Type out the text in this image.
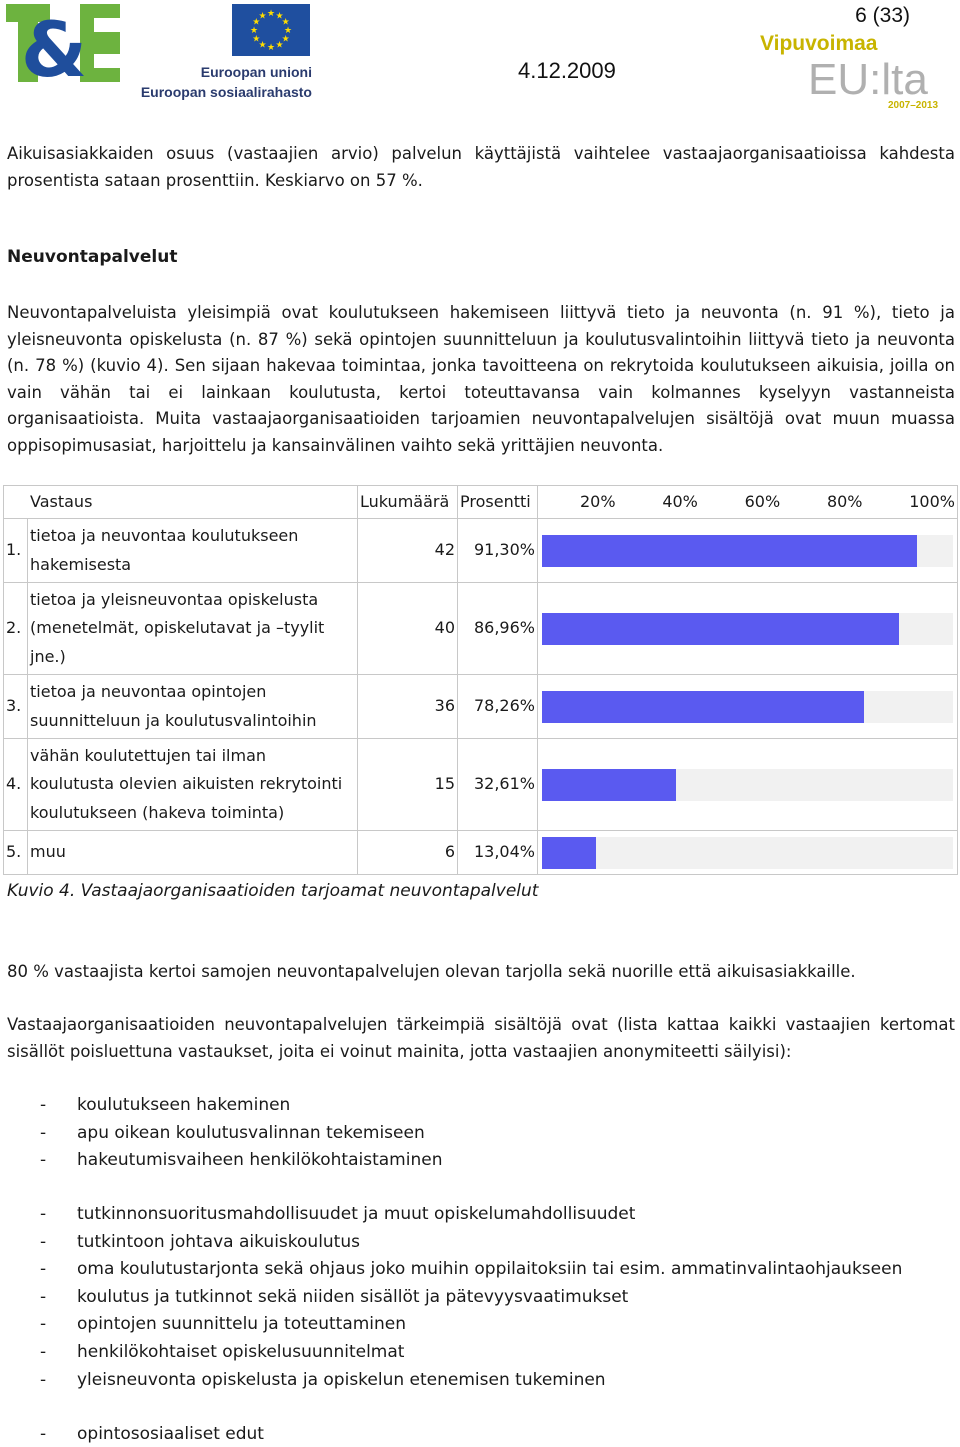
&	★ ★
★
★
★
★
★
★
★
★
★
★
Euroopan unioni
Euroopan sosiaalirahasto
6 (33)
4.12.2009
Vipuvoimaa
EU:lta
2007–2013
Aikuisasiakkaiden osuus (vastaajien arvio) palvelun käyttäjistä vaihtelee vastaajaorganisaatioissa kahdesta prosentista sataan prosenttiin. Keskiarvo on 57 %.
Neuvontapalvelut
Neuvontapalveluista yleisimpiä ovat koulutukseen hakemiseen liittyvä tieto ja neuvonta (n. 91 %), tieto ja yleisneuvonta opiskelusta (n. 87 %) sekä opintojen suunnitteluun ja koulutusvalintoihin liittyvä tieto ja neuvonta (n. 78 %) (kuvio 4). Sen sijaan hakevaa toimintaa, jonka tavoitteena on rekrytoida koulutukseen aikuisia, joilla on vain vähän tai ei lainkaan koulutusta, kertoi toteuttavansa vain kolmannes kyselyyn vastanneista organisaatioista. Muita vastaajaorganisaatioiden tarjoamien neuvontapalvelujen sisältöjä ovat muun muassa oppisopimusasiat, harjoittelu ja kansainvälinen vaihto sekä yrittäjien neuvonta.
Vastaus		Lukumäärä	Prosentti	20% 40% 60% 80% 100%

1.	tietoa ja neuvontaa koulutukseen hakemisesta	42	91,30%	

2.	tietoa ja yleisneuvontaa opiskelusta (menetelmät, opiskelutavat ja –tyylit jne.)	40	86,96%	

3.	tietoa ja neuvontaa opintojen suunnitteluun ja koulutusvalintoihin	36	78,26%	

4.	vähän koulutettujen tai ilman koulutusta olevien aikuisten rekrytointi koulutukseen (hakeva toiminta)	15	32,61%	

5.	muu	6	13,04%	
Kuvio 4. Vastaajaorganisaatioiden tarjoamat neuvontapalvelut
80 % vastaajista kertoi samojen neuvontapalvelujen olevan tarjolla sekä nuorille että aikuisasiakkaille.
Vastaajaorganisaatioiden neuvontapalvelujen tärkeimpiä sisältöjä ovat (lista kattaa kaikki vastaajien kertomat sisällöt poisluettuna vastaukset, joita ei voinut mainita, jotta vastaajien anonymiteetti säilyisi):
- koulutukseen hakeminen
- apu oikean koulutusvalinnan tekemiseen
- hakeutumisvaiheen henkilökohtaistaminen
- tutkinnonsuoritusmahdollisuudet ja muut opiskelumahdollisuudet
- tutkintoon johtava aikuiskoulutus
- oma koulutustarjonta sekä ohjaus joko muihin oppilaitoksiin tai esim. ammatinvalintaohjaukseen
- koulutus ja tutkinnot sekä niiden sisällöt ja pätevyysvaatimukset
- opintojen suunnittelu ja toteuttaminen
- henkilökohtaiset opiskelusuunnitelmat
- yleisneuvonta opiskelusta ja opiskelun etenemisen tukeminen
- opintososiaaliset edut
